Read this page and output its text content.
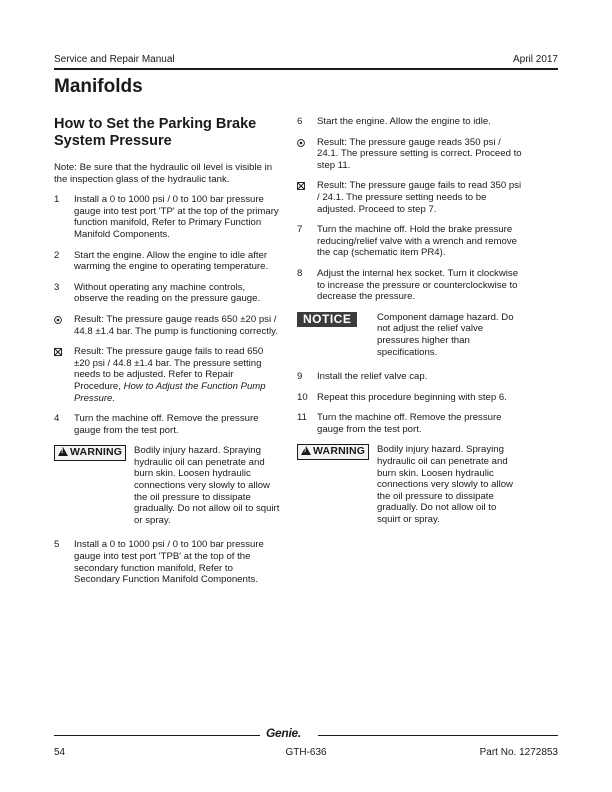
Service and Repair Manual	April 2017
Manifolds
How to Set the Parking Brake System Pressure

Note: Be sure that the hydraulic oil level is visible in the inspection glass of the hydraulic tank.

1	Install a 0 to 1000 psi / 0 to 100 bar pressure gauge into test port 'TP' at the top of the primary function manifold, Refer to Primary Function Manifold Components.
2	Start the engine. Allow the engine to idle after warming the engine to operating temperature.
3	Without operating any machine controls, observe the reading on the pressure gauge.
Result: The pressure gauge reads 650 ±20 psi / 44.8 ±1.4 bar. The pump is functioning correctly.
Result: The pressure gauge fails to read 650 ±20 psi / 44.8 ±1.4 bar. The pressure setting needs to be adjusted. Refer to Repair Procedure, How to Adjust the Function Pump Pressure.
4	Turn the machine off. Remove the pressure gauge from the test port.
! WARNING	Bodily injury hazard. Spraying hydraulic oil can penetrate and burn skin. Loosen hydraulic connections very slowly to allow the oil pressure to dissipate gradually. Do not allow oil to squirt or spray.
5	Install a 0 to 1000 psi / 0 to 100 bar pressure gauge into test port 'TPB' at the top of the secondary function manifold, Refer to Secondary Function Manifold Components.
6	Start the engine. Allow the engine to idle.
Result: The pressure gauge reads 350 psi / 24.1. The pressure setting is correct. Proceed to step 11.
Result: The pressure gauge fails to read 350 psi / 24.1. The pressure setting needs to be adjusted. Proceed to step 7.
7	Turn the machine off. Hold the brake pressure reducing/relief valve with a wrench and remove the cap (schematic item PR4).
8	Adjust the internal hex socket. Turn it clockwise to increase the pressure or counterclockwise to decrease the pressure.
NOTICE	Component damage hazard. Do not adjust the relief valve pressures higher than specifications.
9	Install the relief valve cap.
10 Repeat this procedure beginning with step 6.
11	Turn the machine off. Remove the pressure gauge from the test port.
! WARNING	Bodily injury hazard. Spraying hydraulic oil can penetrate and burn skin. Loosen hydraulic connections very slowly to allow the oil pressure to dissipate gradually. Do not allow oil to squirt or spray.
Genie.
54	GTH-636	Part No. 1272853
